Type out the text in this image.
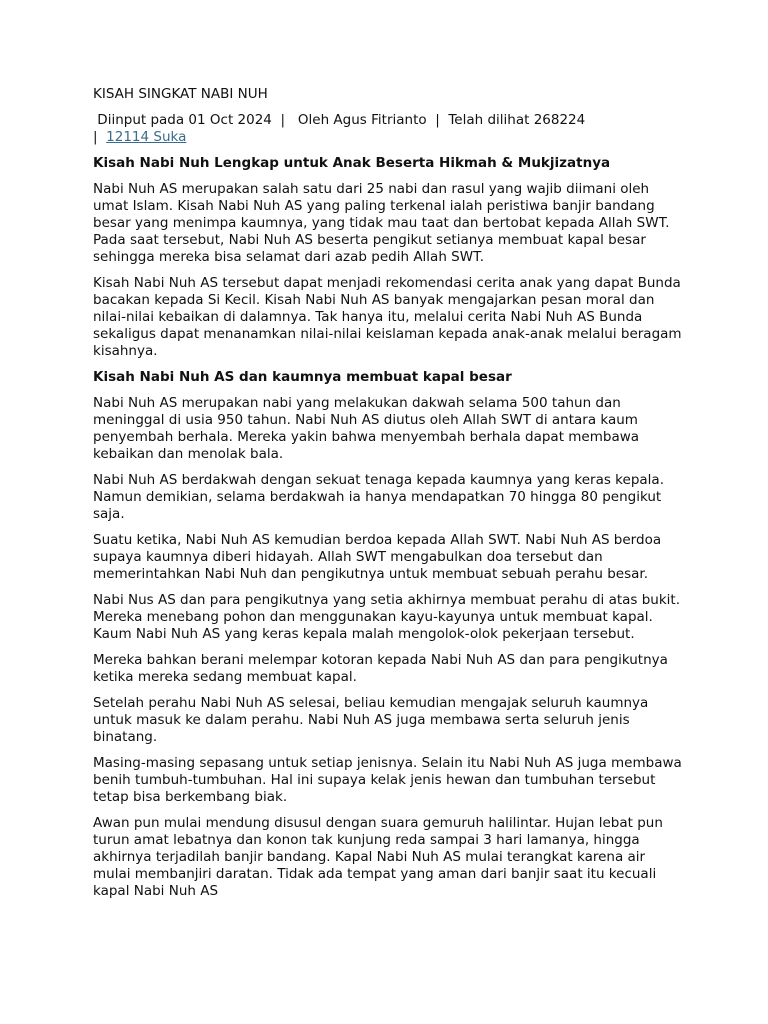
KISAH SINGKAT NABI NUH
Diinput pada 01 Oct 2024  |   Oleh Agus Fitrianto  |  Telah dilihat 268224
|  12114 Suka
Kisah Nabi Nuh Lengkap untuk Anak Beserta Hikmah & Mukjizatnya

Nabi Nuh AS merupakan salah satu dari 25 nabi dan rasul yang wajib diimani oleh umat Islam. Kisah Nabi Nuh AS yang paling terkenal ialah peristiwa banjir bandang besar yang menimpa kaumnya, yang tidak mau taat dan bertobat kepada Allah SWT. Pada saat tersebut, Nabi Nuh AS beserta pengikut setianya membuat kapal besar sehingga mereka bisa selamat dari azab pedih Allah SWT.

Kisah Nabi Nuh AS tersebut dapat menjadi rekomendasi cerita anak yang dapat Bunda bacakan kepada Si Kecil. Kisah Nabi Nuh AS banyak mengajarkan pesan moral dan nilai-nilai kebaikan di dalamnya. Tak hanya itu, melalui cerita Nabi Nuh AS Bunda sekaligus dapat menanamkan nilai-nilai keislaman kepada anak-anak melalui beragam kisahnya.

Kisah Nabi Nuh AS dan kaumnya membuat kapal besar

Nabi Nuh AS merupakan nabi yang melakukan dakwah selama 500 tahun dan meninggal di usia 950 tahun. Nabi Nuh AS diutus oleh Allah SWT di antara kaum penyembah berhala. Mereka yakin bahwa menyembah berhala dapat membawa kebaikan dan menolak bala.

Nabi Nuh AS berdakwah dengan sekuat tenaga kepada kaumnya yang keras kepala. Namun demikian, selama berdakwah ia hanya mendapatkan 70 hingga 80 pengikut saja.

Suatu ketika, Nabi Nuh AS kemudian berdoa kepada Allah SWT. Nabi Nuh AS berdoa supaya kaumnya diberi hidayah. Allah SWT mengabulkan doa tersebut dan memerintahkan Nabi Nuh dan pengikutnya untuk membuat sebuah perahu besar.

Nabi Nus AS dan para pengikutnya yang setia akhirnya membuat perahu di atas bukit. Mereka menebang pohon dan menggunakan kayu-kayunya untuk membuat kapal. Kaum Nabi Nuh AS yang keras kepala malah mengolok-olok pekerjaan tersebut.

Mereka bahkan berani melempar kotoran kepada Nabi Nuh AS dan para pengikutnya ketika mereka sedang membuat kapal.

Setelah perahu Nabi Nuh AS selesai, beliau kemudian mengajak seluruh kaumnya untuk masuk ke dalam perahu. Nabi Nuh AS juga membawa serta seluruh jenis binatang.

Masing-masing sepasang untuk setiap jenisnya. Selain itu Nabi Nuh AS juga membawa benih tumbuh-tumbuhan. Hal ini supaya kelak jenis hewan dan tumbuhan tersebut tetap bisa berkembang biak.

Awan pun mulai mendung disusul dengan suara gemuruh halilintar. Hujan lebat pun turun amat lebatnya dan konon tak kunjung reda sampai 3 hari lamanya, hingga akhirnya terjadilah banjir bandang. Kapal Nabi Nuh AS mulai terangkat karena air mulai membanjiri daratan. Tidak ada tempat yang aman dari banjir saat itu kecuali kapal Nabi Nuh AS
